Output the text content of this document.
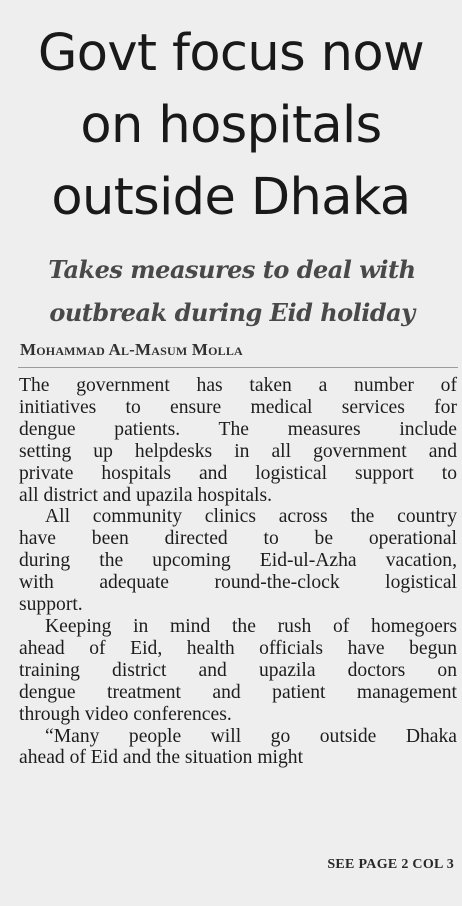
Govt focus now
on hospitals
outside Dhaka
Takes measures to deal with
outbreak during Eid holiday

Mohammad Al-Masum Molla

The government has taken a number of
initiatives to ensure medical services for
dengue patients. The measures include
setting up helpdesks in all government and
private hospitals and logistical support to
all district and upazila hospitals.

All community clinics across the country
have been directed to be operational
during the upcoming Eid-ul-Azha vacation,
with adequate round-the-clock logistical
support.

Keeping in mind the rush of homegoers
ahead of Eid, health officials have begun
training district and upazila doctors on
dengue treatment and patient management
through video conferences.

“Many people will go outside Dhaka
ahead of Eid and the situation might

SEE PAGE 2 COL 3
